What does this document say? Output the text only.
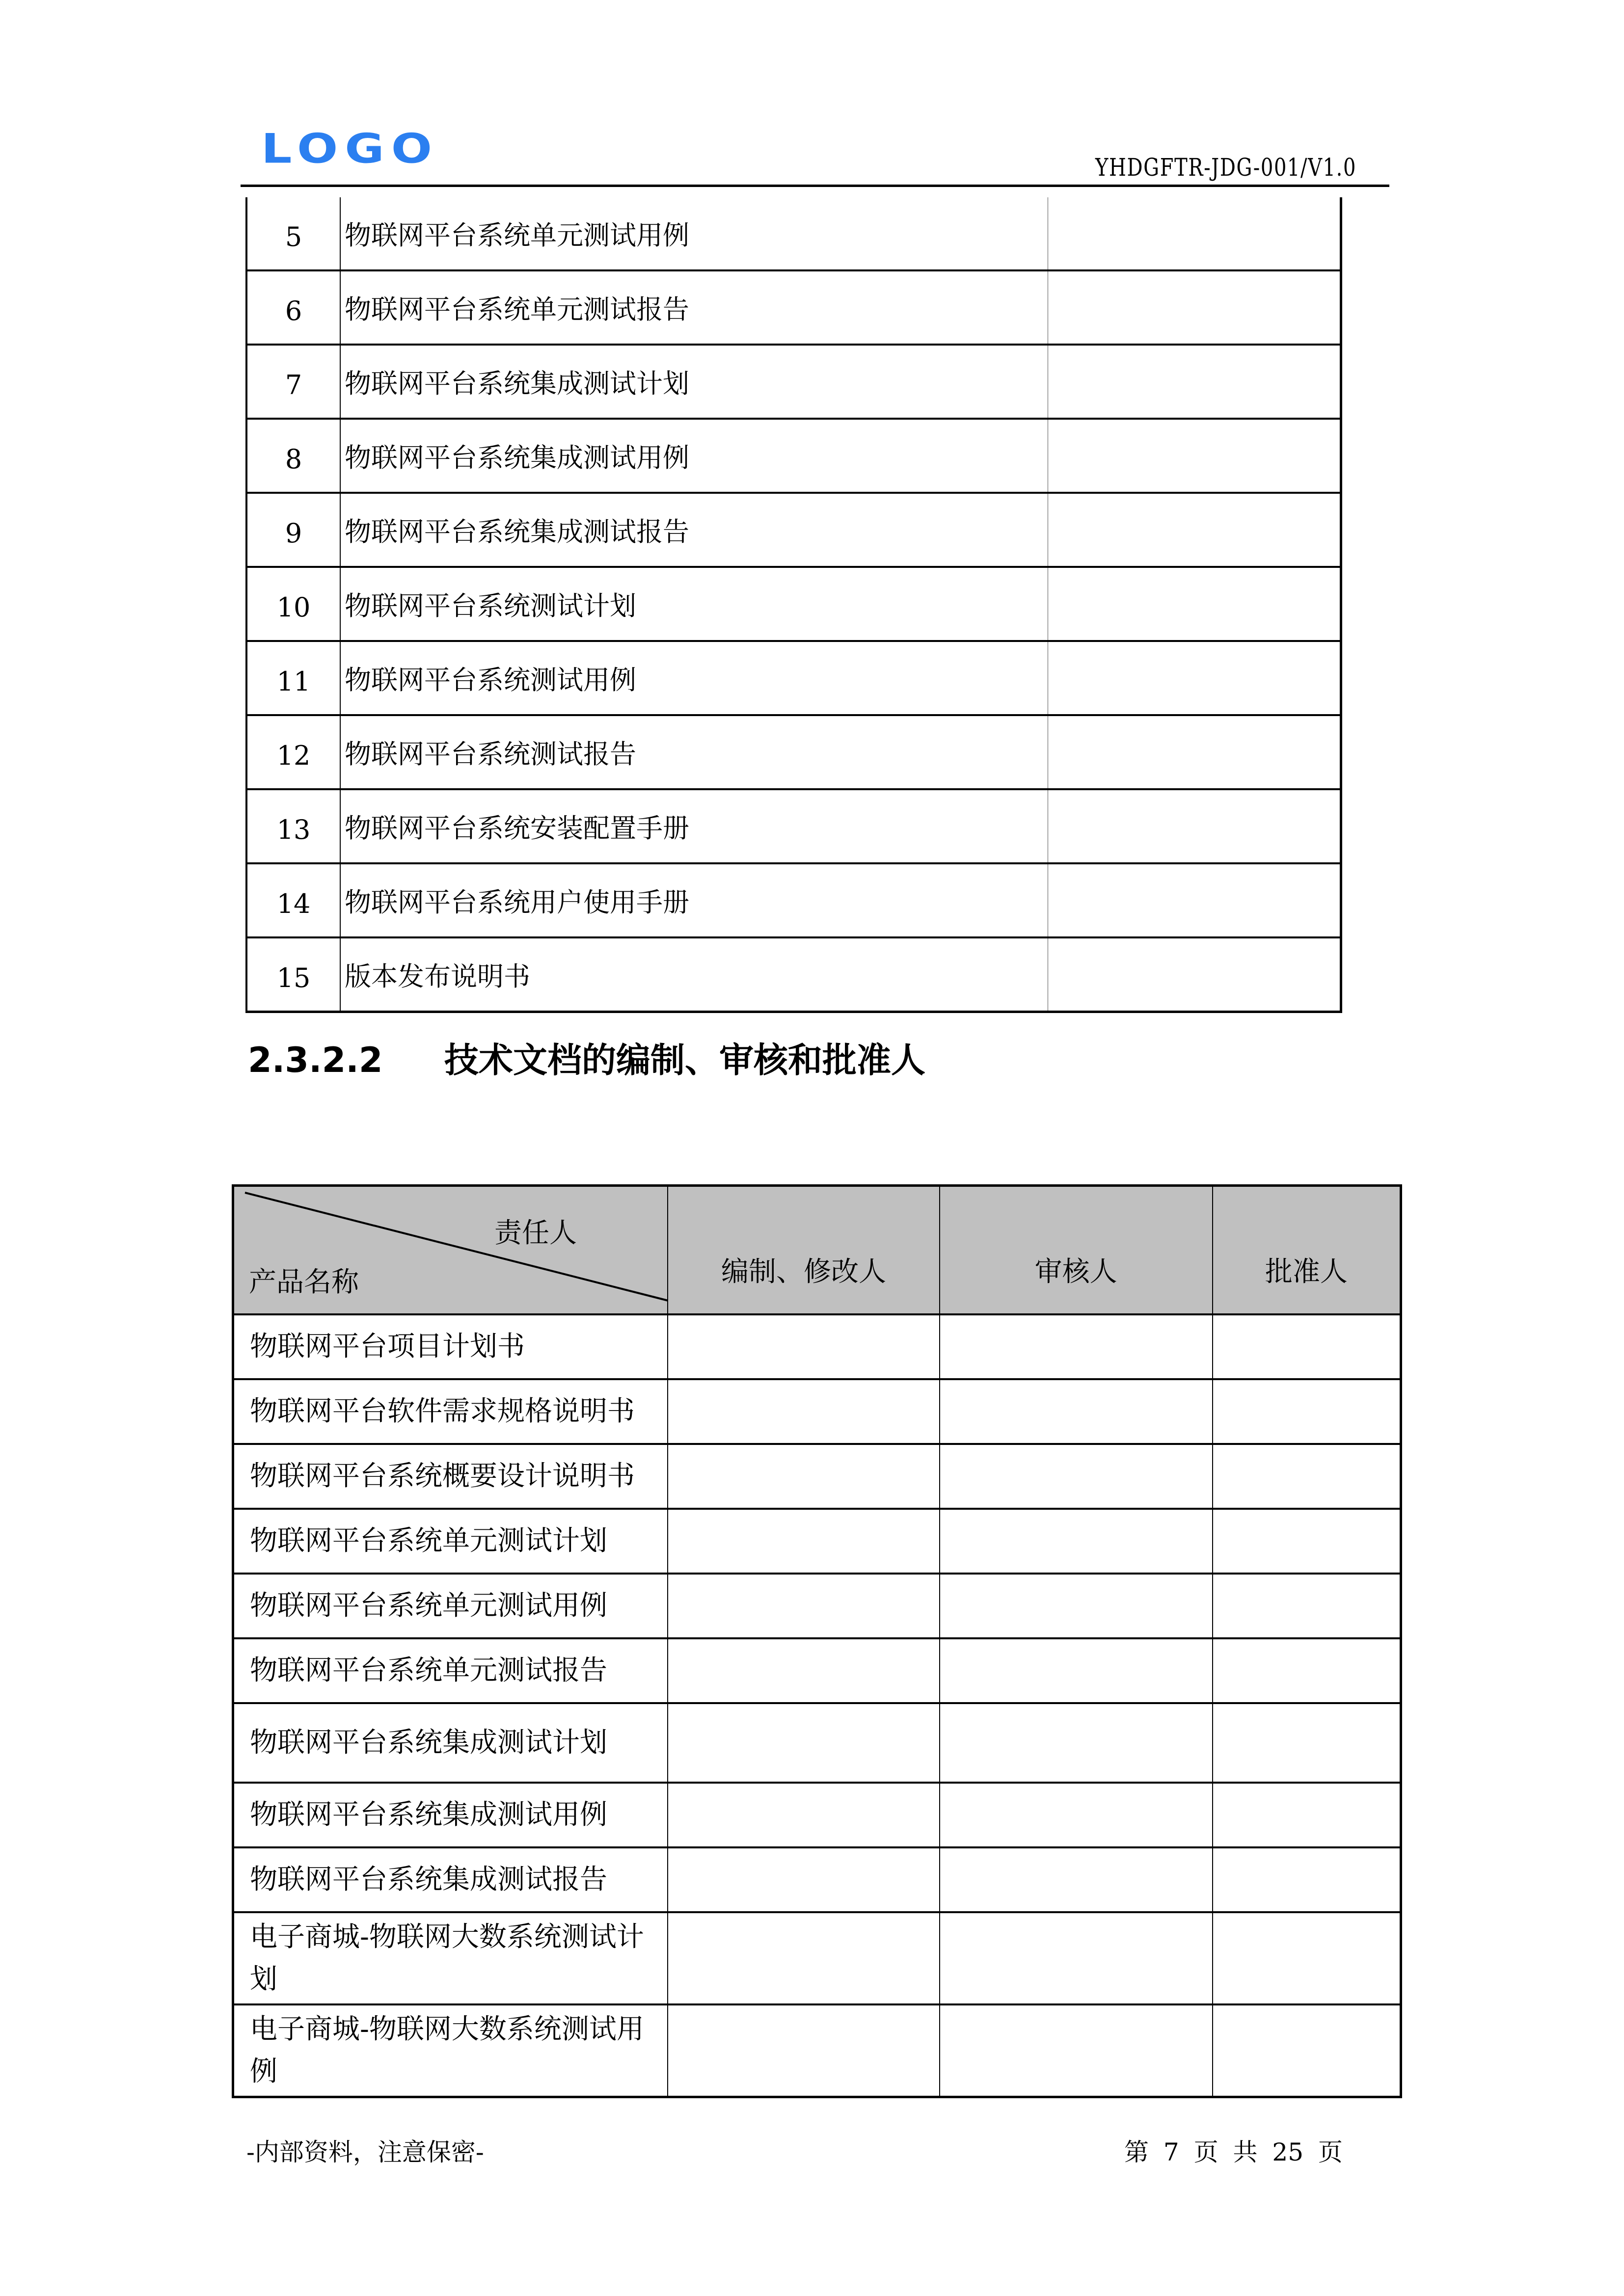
LOGO	YHDGFTR-JDG-001/V1.0
5	物联网平台系统单元测试用例	
6	物联网平台系统单元测试报告	
7	物联网平台系统集成测试计划	
8	物联网平台系统集成测试用例	
9	物联网平台系统集成测试报告	
10	物联网平台系统测试计划	
11	物联网平台系统测试用例	
12	物联网平台系统测试报告	
13	物联网平台系统安装配置手册	
14	物联网平台系统用户使用手册	
15	版本发布说明书	
2.3.2.2 技术文档的编制、审核和批准人
责任人
产品名称	编制、修改人	审核人	批准人
物联网平台项目计划书			
物联网平台软件需求规格说明书			
物联网平台系统概要设计说明书			
物联网平台系统单元测试计划			
物联网平台系统单元测试用例			
物联网平台系统单元测试报告			
物联网平台系统集成测试计划			
物联网平台系统集成测试用例			
物联网平台系统集成测试报告			
电子商城-物联网大数系统测试计划			
电子商城-物联网大数系统测试用例			
-内部资料，注意保密-	第 7 页 共 25 页
